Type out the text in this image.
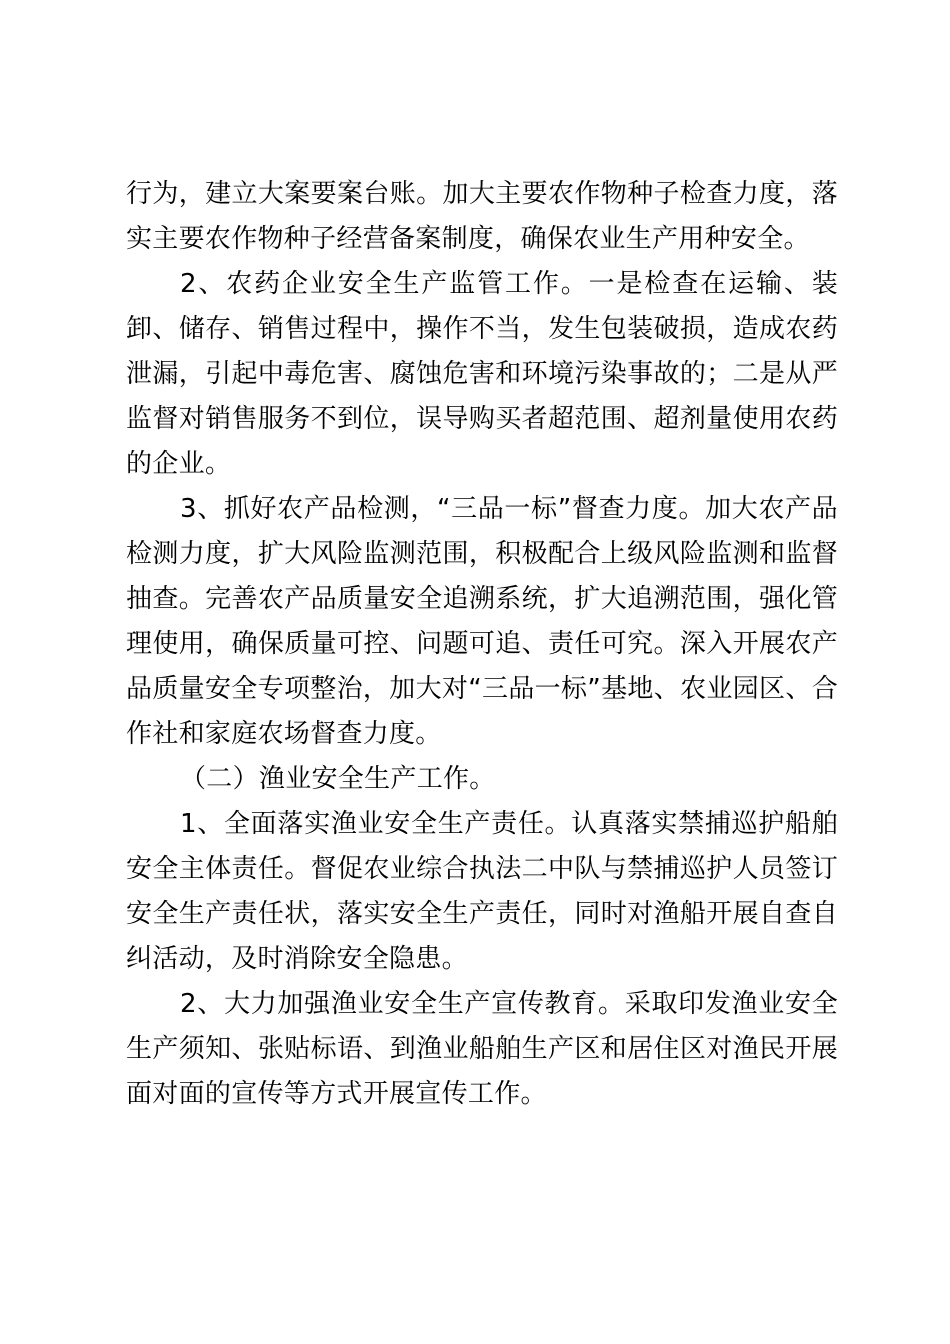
行为，建立大案要案台账。加大主要农作物种子检查力度，落实主要农作物种子经营备案制度，确保农业生产用种安全。

2、农药企业安全生产监管工作。一是检查在运输、装卸、储存、销售过程中，操作不当，发生包装破损，造成农药泄漏，引起中毒危害、腐蚀危害和环境污染事故的；二是从严监督对销售服务不到位，误导购买者超范围、超剂量使用农药的企业。

3、抓好农产品检测，“三品一标”督查力度。加大农产品检测力度，扩大风险监测范围，积极配合上级风险监测和监督抽查。完善农产品质量安全追溯系统，扩大追溯范围，强化管理使用，确保质量可控、问题可追、责任可究。深入开展农产品质量安全专项整治，加大对“三品一标”基地、农业园区、合作社和家庭农场督查力度。

（二）渔业安全生产工作。

1、全面落实渔业安全生产责任。认真落实禁捕巡护船舶安全主体责任。督促农业综合执法二中队与禁捕巡护人员签订安全生产责任状，落实安全生产责任，同时对渔船开展自查自纠活动，及时消除安全隐患。

2、大力加强渔业安全生产宣传教育。采取印发渔业安全生产须知、张贴标语、到渔业船舶生产区和居住区对渔民开展面对面的宣传等方式开展宣传工作。
